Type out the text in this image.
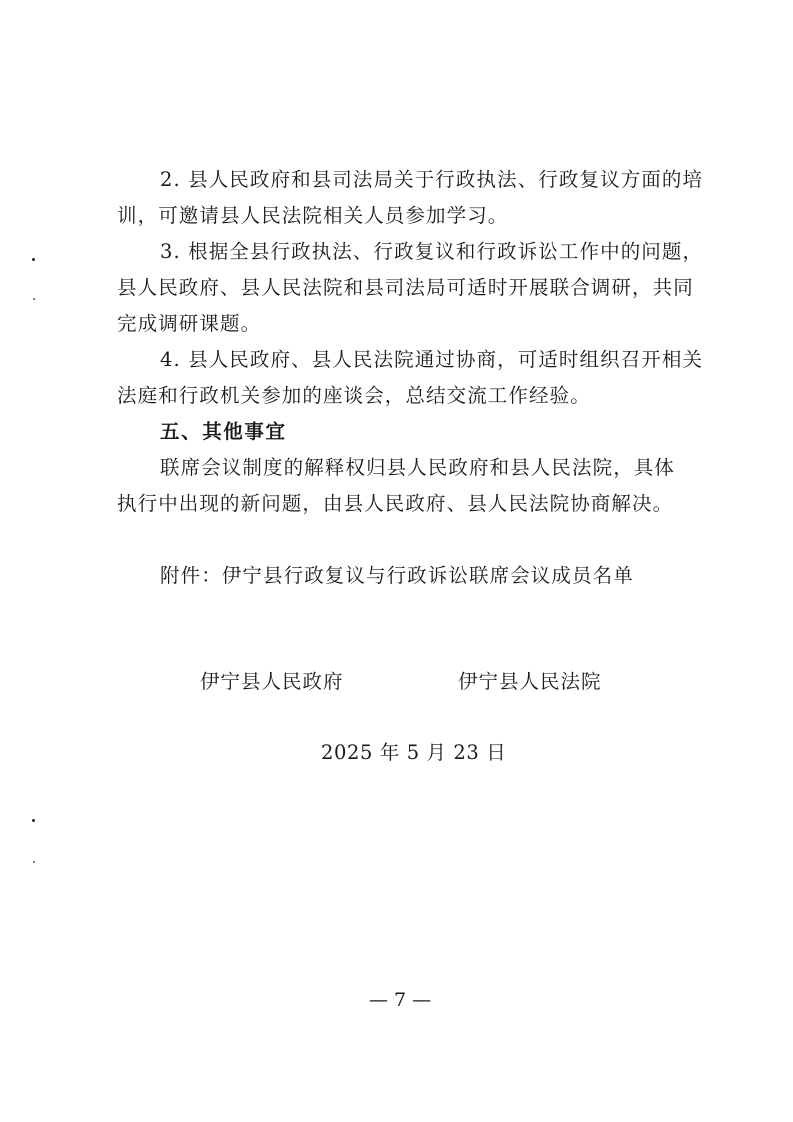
2. 县人民政府和县司法局关于行政执法、行政复议方面的培
训，可邀请县人民法院相关人员参加学习。
3. 根据全县行政执法、行政复议和行政诉讼工作中的问题，
县人民政府、县人民法院和县司法局可适时开展联合调研，共同
完成调研课题。
4. 县人民政府、县人民法院通过协商，可适时组织召开相关
法庭和行政机关参加的座谈会，总结交流工作经验。
五、其他事宜
联席会议制度的解释权归县人民政府和县人民法院，具体
执行中出现的新问题，由县人民政府、县人民法院协商解决。
附件：伊宁县行政复议与行政诉讼联席会议成员名单
伊宁县人民政府	伊宁县人民法院
2025 年 5 月 23 日
— 7 —
